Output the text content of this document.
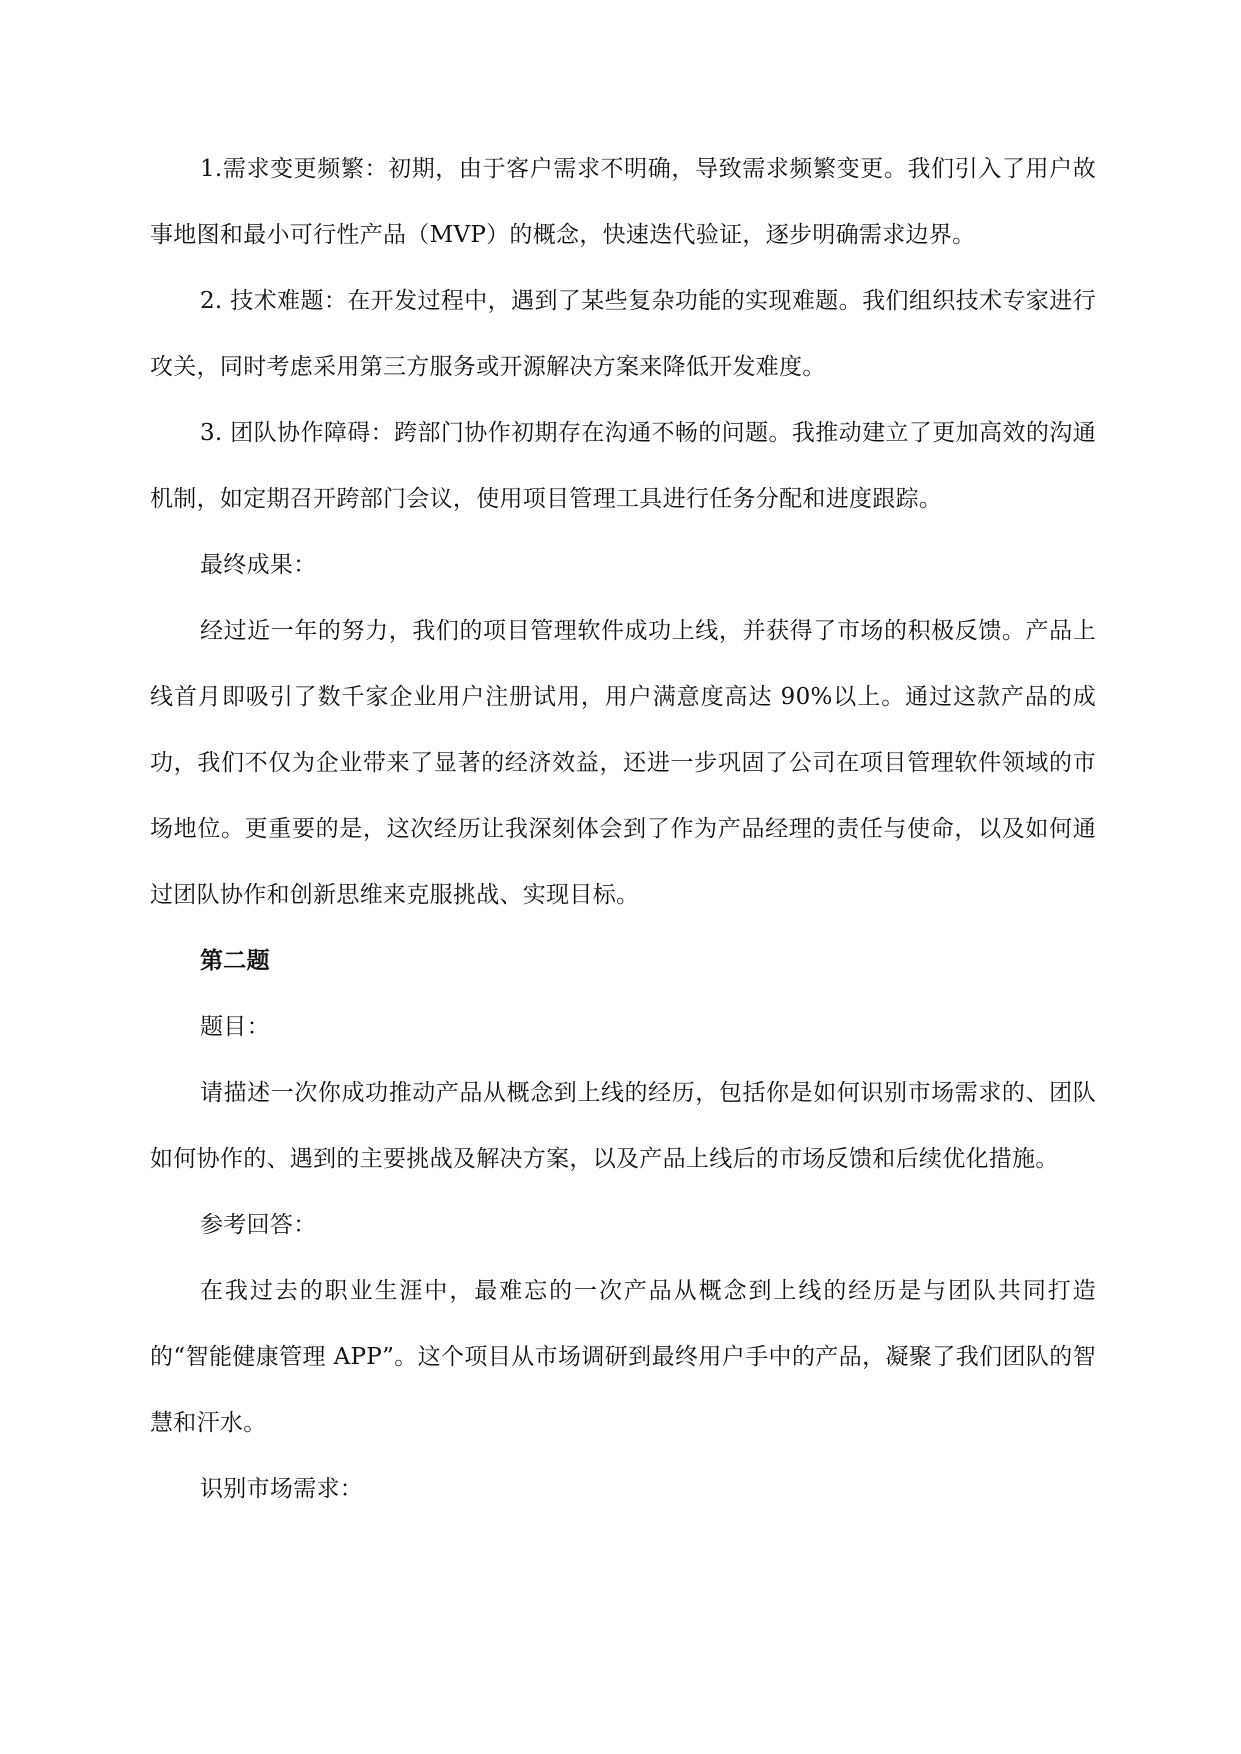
1.需求变更频繁：初期，由于客户需求不明确，导致需求频繁变更。我们引入了用户故事地图和最小可行性产品（MVP）的概念，快速迭代验证，逐步明确需求边界。

2. 技术难题：在开发过程中，遇到了某些复杂功能的实现难题。我们组织技术专家进行攻关，同时考虑采用第三方服务或开源解决方案来降低开发难度。

3. 团队协作障碍：跨部门协作初期存在沟通不畅的问题。我推动建立了更加高效的沟通机制，如定期召开跨部门会议，使用项目管理工具进行任务分配和进度跟踪。

最终成果：

经过近一年的努力，我们的项目管理软件成功上线，并获得了市场的积极反馈。产品上线首月即吸引了数千家企业用户注册试用，用户满意度高达 90%以上。通过这款产品的成功，我们不仅为企业带来了显著的经济效益，还进一步巩固了公司在项目管理软件领域的市场地位。更重要的是，这次经历让我深刻体会到了作为产品经理的责任与使命，以及如何通过团队协作和创新思维来克服挑战、实现目标。

第二题

题目：

请描述一次你成功推动产品从概念到上线的经历，包括你是如何识别市场需求的、团队如何协作的、遇到的主要挑战及解决方案，以及产品上线后的市场反馈和后续优化措施。

参考回答：

在我过去的职业生涯中，最难忘的一次产品从概念到上线的经历是与团队共同打造的“智能健康管理 APP”。这个项目从市场调研到最终用户手中的产品，凝聚了我们团队的智慧和汗水。

识别市场需求：
